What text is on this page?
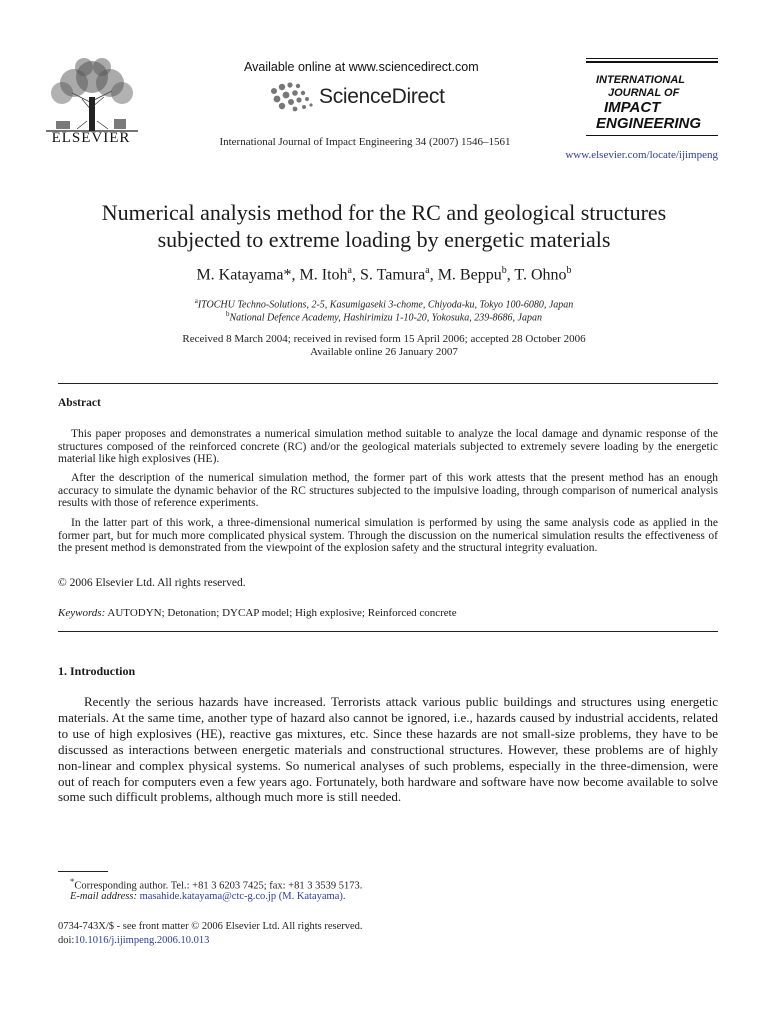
ELSEVIER
Available online at www.sciencedirect.com
ScienceDirect
International Journal of Impact Engineering 34 (2007) 1546–1561
INTERNATIONAL
JOURNAL OF
IMPACT
ENGINEERING
www.elsevier.com/locate/ijimpeng
Numerical analysis method for the RC and geological structures
subjected to extreme loading by energetic materials
M. Katayama*, M. Itoh$^a$, S. Tamura$^a$, M. Beppu$^b$, T. Ohno$^b$
$^a$ITOCHU Techno-Solutions, 2-5, Kasumigaseki 3-chome, Chiyoda-ku, Tokyo 100-6080, Japan
$^b$National Defence Academy, Hashirimizu 1-10-20, Yokosuka, 239-8686, Japan
Received 8 March 2004; received in revised form 15 April 2006; accepted 28 October 2006
Available online 26 January 2007
Abstract
This paper proposes and demonstrates a numerical simulation method suitable to analyze the local damage and dynamic response of the structures composed of the reinforced concrete (RC) and/or the geological materials subjected to extremely severe loading by the energetic material like high explosives (HE).
After the description of the numerical simulation method, the former part of this work attests that the present method has an enough accuracy to simulate the dynamic behavior of the RC structures subjected to the impulsive loading, through comparison of numerical analysis results with those of reference experiments.
In the latter part of this work, a three-dimensional numerical simulation is performed by using the same analysis code as applied in the former part, but for much more complicated physical system. Through the discussion on the numerical simulation results the effectiveness of the present method is demonstrated from the viewpoint of the explosion safety and the structural integrity evaluation.
© 2006 Elsevier Ltd. All rights reserved.
Keywords: AUTODYN; Detonation; DYCAP model; High explosive; Reinforced concrete
1. Introduction
Recently the serious hazards have increased. Terrorists attack various public buildings and structures using energetic materials. At the same time, another type of hazard also cannot be ignored, i.e., hazards caused by industrial accidents, related to use of high explosives (HE), reactive gas mixtures, etc. Since these hazards are not small-size problems, they have to be discussed as interactions between energetic materials and constructional structures. However, these problems are of highly non-linear and complex physical systems. So numerical analyses of such problems, especially in the three-dimension, were out of reach for computers even a few years ago. Fortunately, both hardware and software have now become available to solve some such difficult problems, although much more is still needed.
*Corresponding author. Tel.: +81 3 6203 7425; fax: +81 3 3539 5173.
E-mail address: masahide.katayama@ctc-g.co.jp (M. Katayama).
0734-743X/$ - see front matter © 2006 Elsevier Ltd. All rights reserved.
doi:10.1016/j.ijimpeng.2006.10.013
